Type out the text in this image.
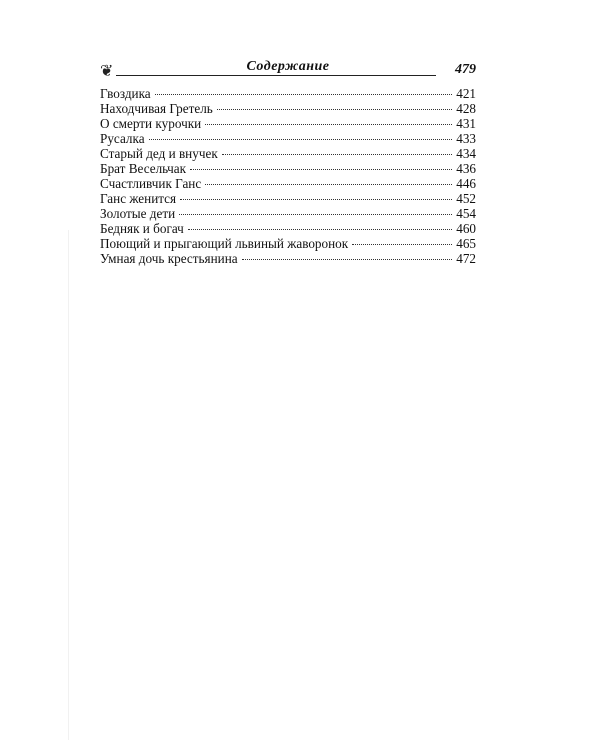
❦	Содержание	479
Гвоздика	421
Находчивая Гретель	428
О смерти курочки	431
Русалка	433
Старый дед и внучек	434
Брат Весельчак	436
Счастливчик Ганс	446
Ганс женится	452
Золотые дети	454
Бедняк и богач	460
Поющий и прыгающий львиный жаворонок	465
Умная дочь крестьянина	472
